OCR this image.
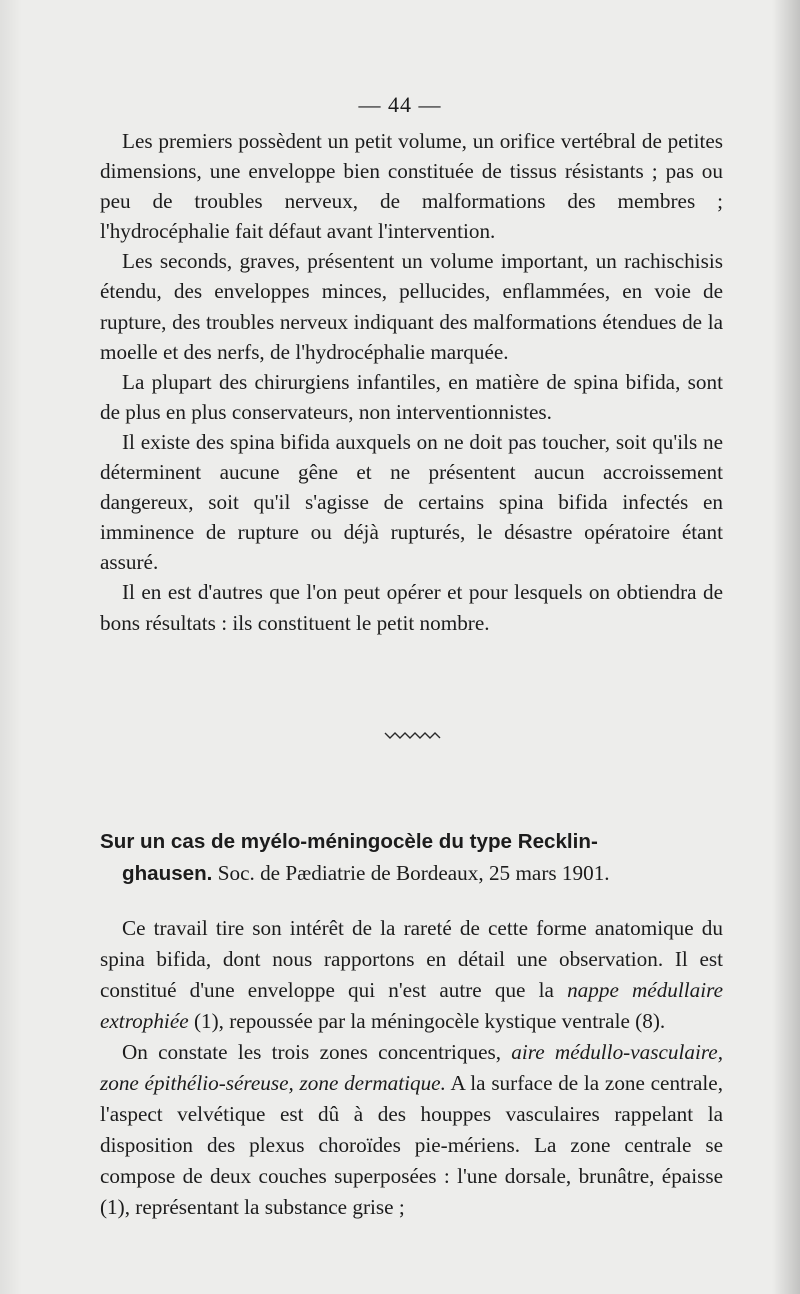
— 44 —

Les premiers possèdent un petit volume, un orifice vertébral de petites dimensions, une enveloppe bien constituée de tissus résistants ; pas ou peu de troubles nerveux, de malformations des membres ; l'hydrocéphalie fait défaut avant l'intervention.

Les seconds, graves, présentent un volume important, un rachischisis étendu, des enveloppes minces, pellucides, enflammées, en voie de rupture, des troubles nerveux indiquant des malformations étendues de la moelle et des nerfs, de l'hydrocéphalie marquée.

La plupart des chirurgiens infantiles, en matière de spina bifida, sont de plus en plus conservateurs, non interventionnistes.

Il existe des spina bifida auxquels on ne doit pas toucher, soit qu'ils ne déterminent aucune gêne et ne présentent aucun accroissement dangereux, soit qu'il s'agisse de certains spina bifida infectés en imminence de rupture ou déjà rupturés, le désastre opératoire étant assuré.

Il en est d'autres que l'on peut opérer et pour lesquels on obtiendra de bons résultats : ils constituent le petit nombre.

Sur un cas de myélo-méningocèle du type Recklin-
ghausen. Soc. de Pædiatrie de Bordeaux, 25 mars 1901.

Ce travail tire son intérêt de la rareté de cette forme anatomique du spina bifida, dont nous rapportons en détail une observation. Il est constitué d'une enveloppe qui n'est autre que la nappe médullaire extrophiée (1), repoussée par la méningocèle kystique ventrale (8).

On constate les trois zones concentriques, aire médullo-vasculaire, zone épithélio-séreuse, zone dermatique. A la surface de la zone centrale, l'aspect velvétique est dû à des houppes vasculaires rappelant la disposition des plexus choroïdes pie-mériens. La zone centrale se compose de deux couches superposées : l'une dorsale, brunâtre, épaisse (1), représentant la substance grise ;
